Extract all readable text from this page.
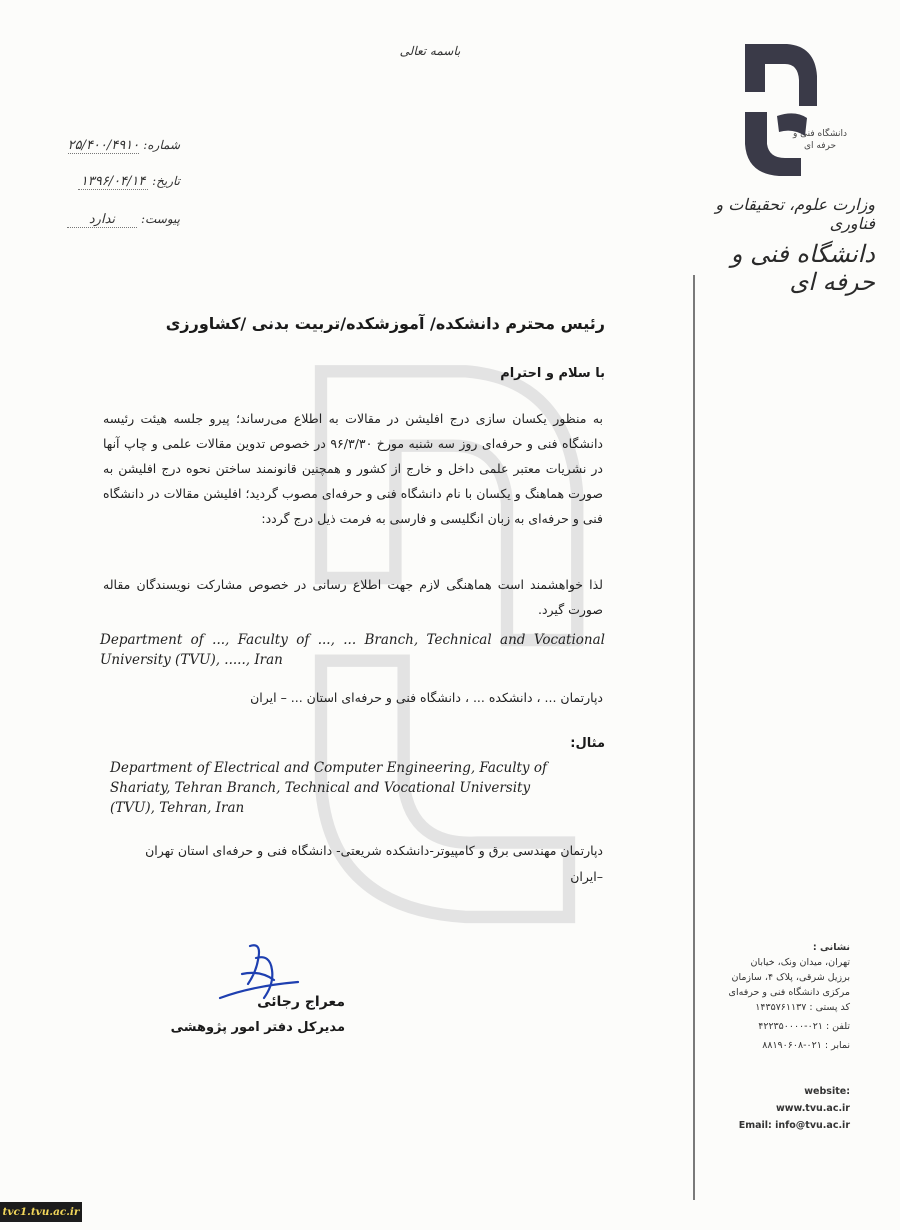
دانشگاه فنی و حرفه ای
وزارت علوم، تحقیقات و فناوری
دانشگاه فنی و حرفه ای
باسمه تعالی
شماره:۲۵/۴۰۰/۴۹۱۰
تاریخ:۱۳۹۶/۰۴/۱۴
پیوست:ندارد
رئیس محترم دانشکده/ آموزشکده/تربیت بدنی /کشاورزی
با سلام و احترام
به منظور یکسان سازی درج افلیشن در مقالات به اطلاع می‌رساند؛ پیرو جلسه هیئت رئیسه دانشگاه فنی و حرفه‌ای روز سه شنبه مورخ ۹۶/۳/۳۰ در خصوص تدوین مقالات علمی و چاپ آنها در نشریات معتبر علمی داخل و خارج از کشور و همچنین قانونمند ساختن نحوه درج افلیشن به صورت هماهنگ و یکسان با نام دانشگاه فنی و حرفه‌ای مصوب گردید؛ افلیشن مقالات در دانشگاه فنی و حرفه‌ای به زبان انگلیسی و فارسی به فرمت ذیل درج گردد:
لذا خواهشمند است هماهنگی لازم جهت اطلاع رسانی در خصوص مشارکت نویسندگان مقاله صورت گیرد.
Department of ..., Faculty of ..., ... Branch, Technical and Vocational University (TVU), ....., Iran
دپارتمان ... ، دانشکده ... ، دانشگاه فنی و حرفه‌ای استان ... – ایران
مثال:
Department of Electrical and Computer Engineering, Faculty of Shariaty, Tehran Branch, Technical and Vocational University (TVU), Tehran, Iran
دپارتمان مهندسی برق و کامپیوتر-دانشکده شریعتی- دانشگاه فنی و حرفه‌ای استان تهران –ایران
معراج رجائی
مدیرکل دفتر امور پژوهشی
نشانی :
تهران، میدان ونک، خیابان
برزیل شرقی، پلاک ۴، سازمان
مرکزی دانشگاه فنی و حرفه‌ای
کد پستی : ۱۴۳۵۷۶۱۱۳۷
تلفن : ۰۲۱-۴۲۲۳۵۰۰۰۰
نمابر : ۰۲۱-۸۸۱۹۰۶۰۸
website: www.tvu.ac.ir
Email: info@tvu.ac.ir
tvc1.tvu.ac.ir
